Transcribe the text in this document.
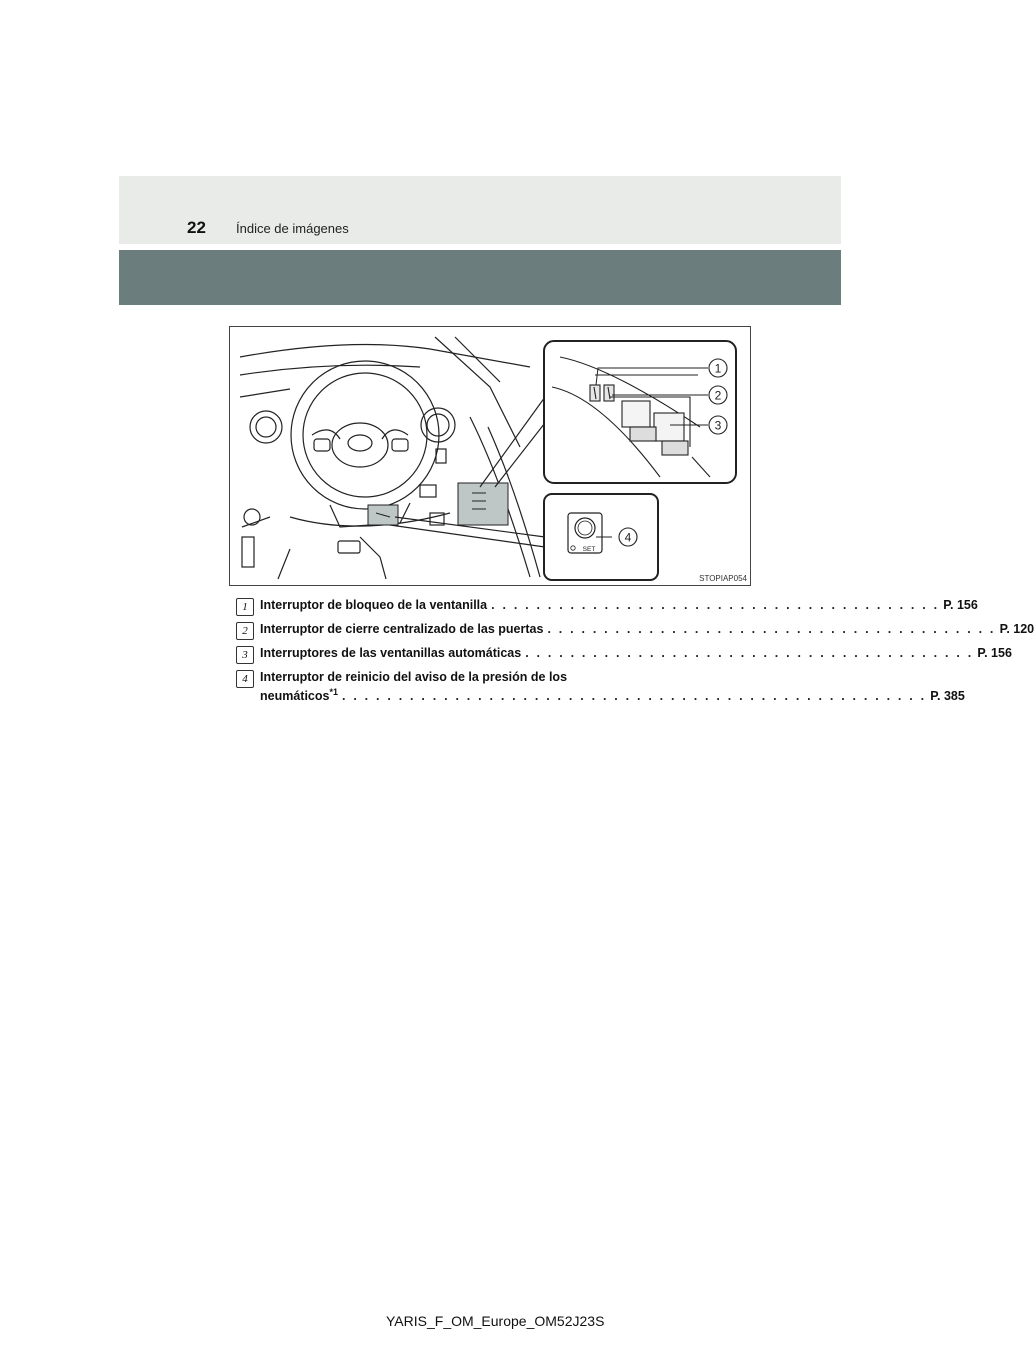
22 Índice de imágenes
1
2
3
4
SET
STOPIAP054
1 Interruptor de bloqueo de la ventanilla . . . . . . . . . . . . . . . . . . . . . . . . . . . . . . . . . . . . . . . . P. 156
2 Interruptor de cierre centralizado de las puertas . . . . . . . . . . . . . . . . . . . . . . . . . . . . . . . . . . . . . . . . P. 120
3 Interruptores de las ventanillas automáticas . . . . . . . . . . . . . . . . . . . . . . . . . . . . . . . . . . . . . . . . P. 156
4 Interruptor de reinicio del aviso de la presión de los
neumáticos$^{*1}$ . . . . . . . . . . . . . . . . . . . . . . . . . . . . . . . . . . . . . . . . . . . . . . . . . . . . P. 385
YARIS_F_OM_Europe_OM52J23S
